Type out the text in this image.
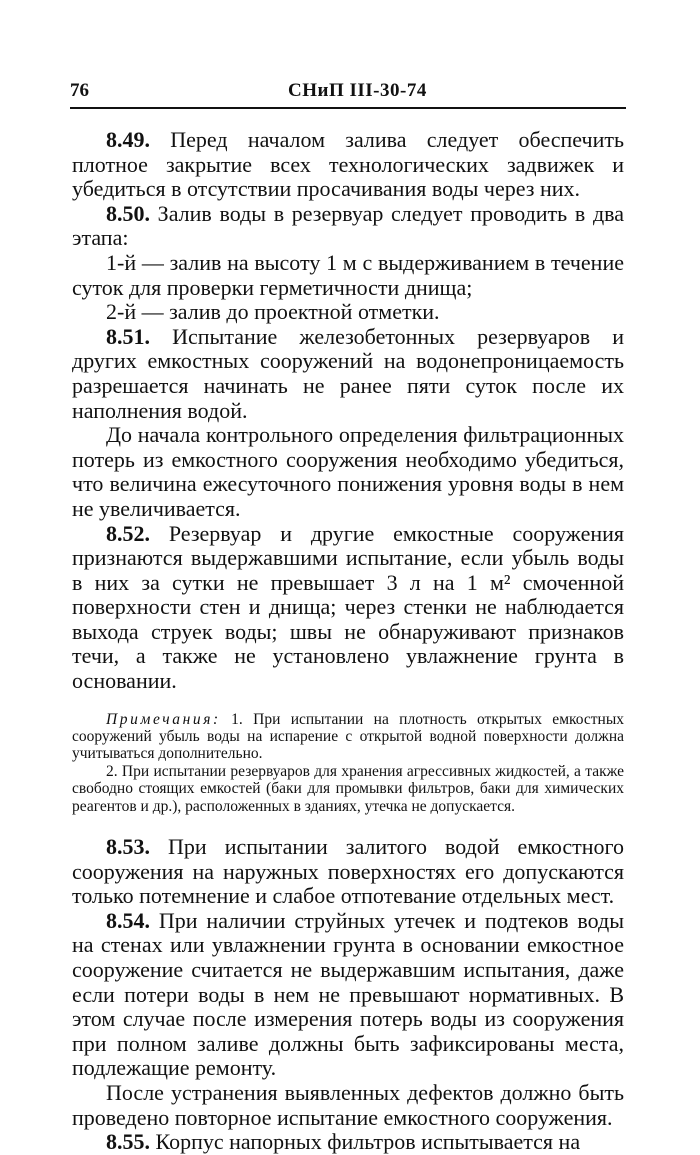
76	СНиП III-30-74

8.49. Перед началом залива следует обеспечить плотное закрытие всех технологических задвижек и убедиться в отсутствии просачивания воды через них.

8.50. Залив воды в резервуар следует проводить в два этапа:

1-й — залив на высоту 1 м с выдерживанием в течение суток для проверки герметичности днища;

2-й — залив до проектной отметки.

8.51. Испытание железобетонных резервуаров и других емкостных сооружений на водонепроницаемость разрешается начинать не ранее пяти суток после их наполнения водой.

До начала контрольного определения фильтрационных потерь из емкостного сооружения необходимо убедиться, что величина ежесуточного понижения уровня воды в нем не увеличивается.

8.52. Резервуар и другие емкостные сооружения признаются выдержавшими испытание, если убыль воды в них за сутки не превышает 3 л на 1 м² смоченной поверхности стен и днища; через стенки не наблюдается выхода струек воды; швы не обнаруживают признаков течи, а также не установлено увлажнение грунта в основании.

Примечания: 1. При испытании на плотность открытых емкостных сооружений убыль воды на испарение с открытой водной поверхности должна учитываться дополнительно.

2. При испытании резервуаров для хранения агрессивных жидкостей, а также свободно стоящих емкостей (баки для промывки фильтров, баки для химических реагентов и др.), расположенных в зданиях, утечка не допускается.

8.53. При испытании залитого водой емкостного сооружения на наружных поверхностях его допускаются только потемнение и слабое отпотевание отдельных мест.

8.54. При наличии струйных утечек и подтеков воды на стенах или увлажнении грунта в основании емкостное сооружение считается не выдержавшим испытания, даже если потери воды в нем не превышают нормативных. В этом случае после измерения потерь воды из сооружения при полном заливе должны быть зафиксированы места, подлежащие ремонту.

После устранения выявленных дефектов должно быть проведено повторное испытание емкостного сооружения.

8.55. Корпус напорных фильтров испытывается на
